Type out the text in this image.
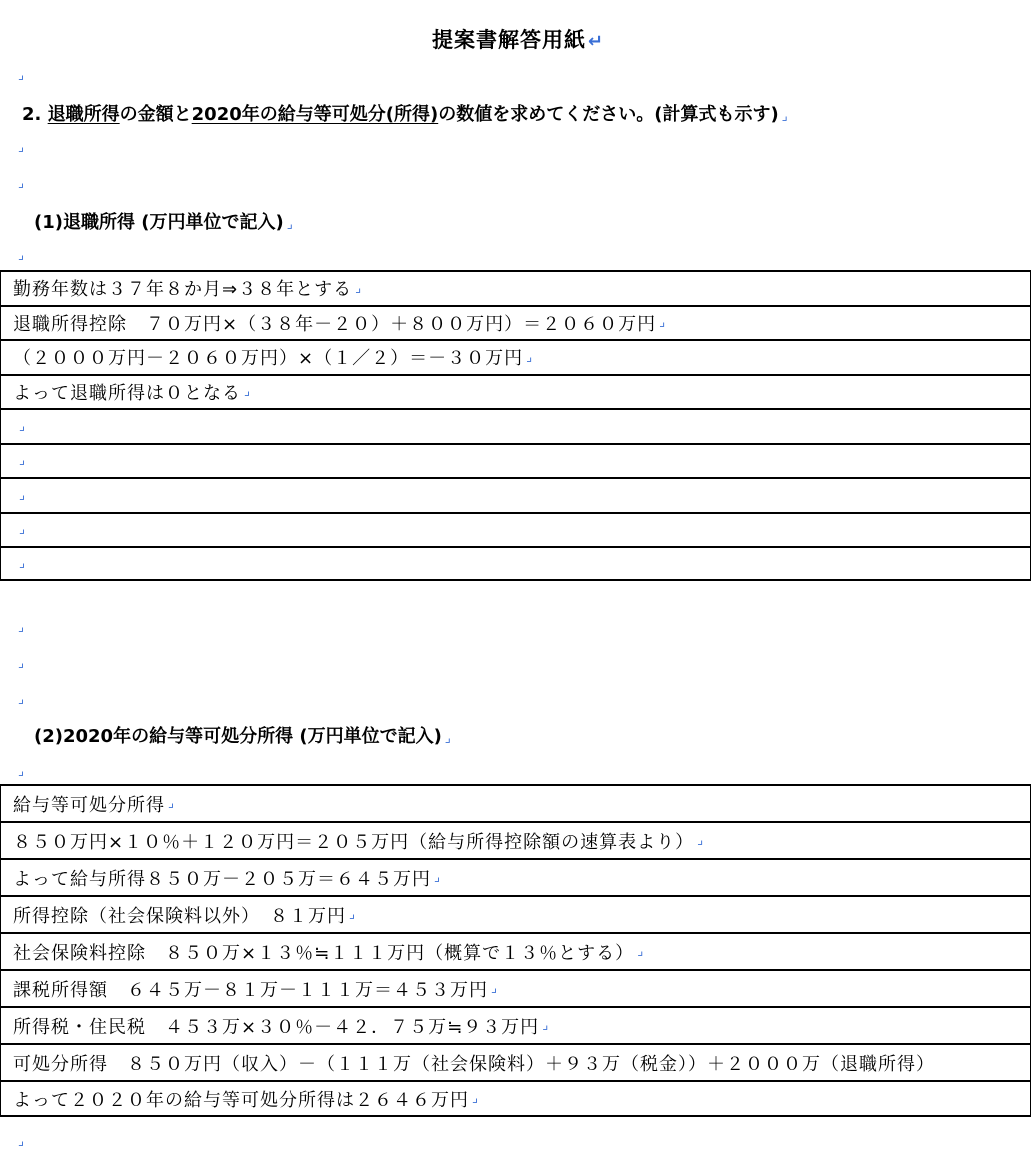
提案書解答用紙 ↵
⌟
2. 退職所得の金額と2020年の給与等可処分(所得)の数値を求めてください。(計算式も示す) ⌟
⌟
⌟
(1)退職所得 (万円単位で記入) ⌟
⌟
勤務年数は３７年８か月⇒３８年とする ⌟
退職所得控除　７０万円×（３８年－２０）＋８００万円）＝２０６０万円 ⌟
（２０００万円－２０６０万円）×（１／２）＝－３０万円 ⌟
よって退職所得は０となる ⌟
⌟
⌟
⌟
⌟
⌟
⌟
⌟
⌟
(2)2020年の給与等可処分所得 (万円単位で記入) ⌟
⌟
給与等可処分所得 ⌟
８５０万円×１０％＋１２０万円＝２０５万円（給与所得控除額の速算表より） ⌟
よって給与所得８５０万－２０５万＝６４５万円 ⌟
所得控除（社会保険料以外）　８１万円 ⌟
社会保険料控除　８５０万×１３％≒１１１万円（概算で１３％とする） ⌟
課税所得額　６４５万－８１万－１１１万＝４５３万円 ⌟
所得税・住民税　４５３万×３０％－４２．７５万≒９３万円 ⌟
可処分所得　８５０万円（収入）－（１１１万（社会保険料）＋９３万（税金））＋２０００万（退職所得）
よって２０２０年の給与等可処分所得は２６４６万円 ⌟
⌟
